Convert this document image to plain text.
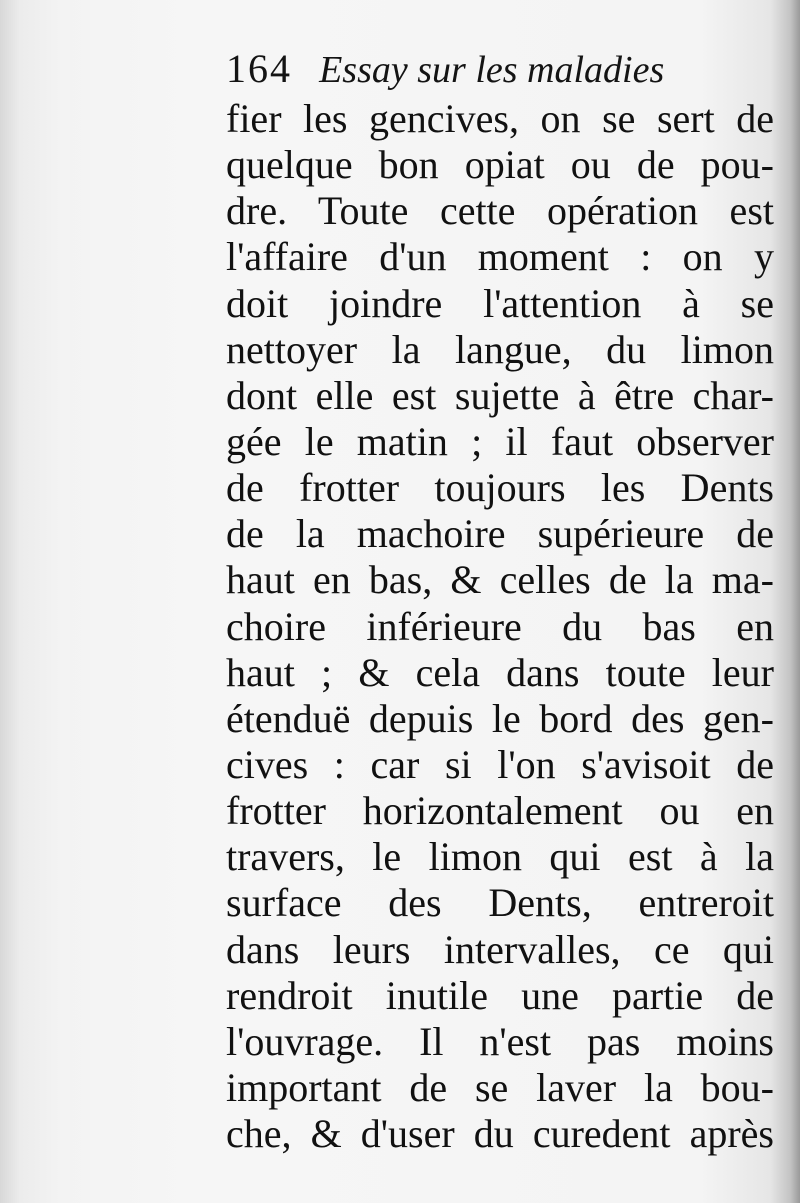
164 Essay sur les maladies
fier les gencives, on se sert de
quelque bon opiat ou de pou-
dre. Toute cette opération est
l'affaire d'un moment : on y
doit joindre l'attention à se
nettoyer la langue, du limon
dont elle est sujette à être char-
gée le matin ; il faut observer
de frotter toujours les Dents
de la machoire supérieure de
haut en bas, & celles de la ma-
choire inférieure du bas en
haut ; & cela dans toute leur
étenduë depuis le bord des gen-
cives : car si l'on s'avisoit de
frotter horizontalement ou en
travers, le limon qui est à la
surface des Dents, entreroit
dans leurs intervalles, ce qui
rendroit inutile une partie de
l'ouvrage. Il n'est pas moins
important de se laver la bou-
che, & d'user du curedent après
